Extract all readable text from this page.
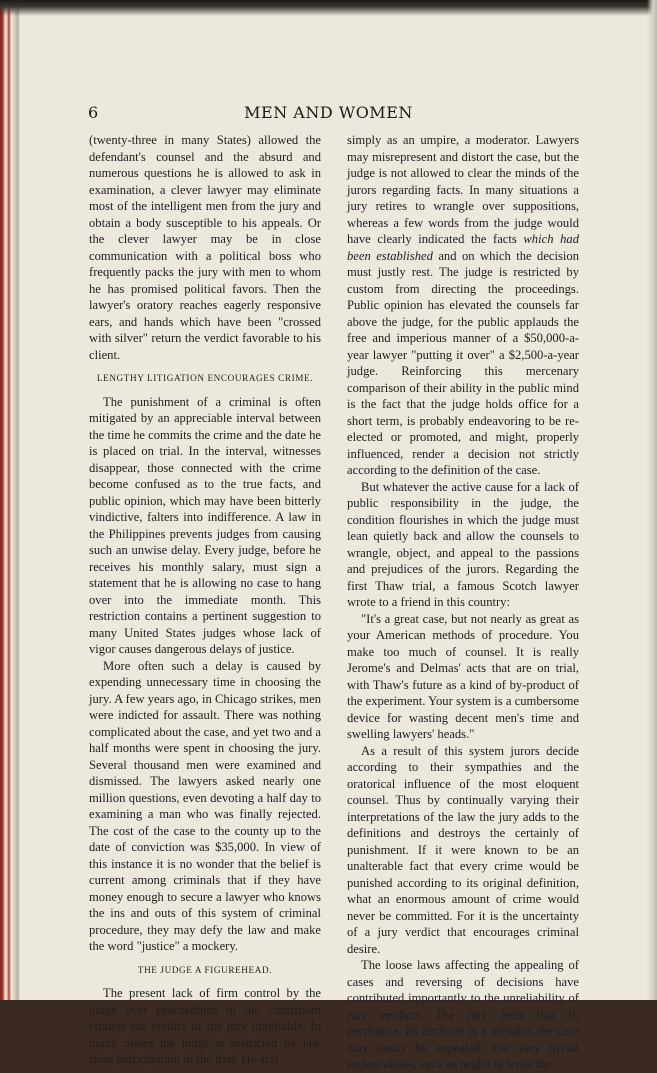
6	MEN AND WOMEN

(twenty-three in many States) allowed the defendant's counsel and the absurd and numerous questions he is allowed to ask in examination, a clever lawyer may eliminate most of the intelligent men from the jury and obtain a body susceptible to his appeals. Or the clever lawyer may be in close communication with a political boss who frequently packs the jury with men to whom he has promised political favors. Then the lawyer's oratory reaches eagerly responsive ears, and hands which have been "crossed with silver" return the verdict favorable to his client.

LENGTHY LITIGATION ENCOURAGES CRIME.

The punishment of a criminal is often mitigated by an appreciable interval between the time he commits the crime and the date he is placed on trial. In the interval, witnesses disappear, those connected with the crime become confused as to the true facts, and public opinion, which may have been bitterly vindictive, falters into indifference. A law in the Philippines prevents judges from causing such an unwise delay. Every judge, before he receives his monthly salary, must sign a statement that he is allowing no case to hang over into the immediate month. This restriction contains a pertinent suggestion to many United States judges whose lack of vigor causes dangerous delays of justice.

More often such a delay is caused by expending unnecessary time in choosing the jury. A few years ago, in Chicago strikes, men were indicted for assault. There was nothing complicated about the case, and yet two and a half months were spent in choosing the jury. Several thousand men were examined and dismissed. The lawyers asked nearly one million questions, even devoting a half day to examining a man who was finally rejected. The cost of the case to the county up to the date of conviction was $35,000. In view of this instance it is no wonder that the belief is current among criminals that if they have money enough to secure a lawyer who knows the ins and outs of this system of criminal procedure, they may defy the law and make the word "justice" a mockery.

THE JUDGE A FIGUREHEAD.

The present lack of firm control by the judge over proceedings in the courtroom renders the verdict of the jury unreliable. In many States the judge is restricted by law from participation in the trial. He acts

simply as an umpire, a moderator. Lawyers may misrepresent and distort the case, but the judge is not allowed to clear the minds of the jurors regarding facts. In many situations a jury retires to wrangle over suppositions, whereas a few words from the judge would have clearly indicated the facts which had been established and on which the decision must justly rest. The judge is restricted by custom from directing the proceedings. Public opinion has elevated the counsels far above the judge, for the public applauds the free and imperious manner of a $50,000-a-year lawyer "putting it over" a $2,500-a-year judge. Reinforcing this mercenary comparison of their ability in the public mind is the fact that the judge holds office for a short term, is probably endeavoring to be re-elected or promoted, and might, properly influenced, render a decision not strictly according to the definition of the case.

But whatever the active cause for a lack of public responsibility in the judge, the condition flourishes in which the judge must lean quietly back and allow the counsels to wrangle, object, and appeal to the passions and prejudices of the jurors. Regarding the first Thaw trial, a famous Scotch lawyer wrote to a friend in this country:

"It's a great case, but not nearly as great as your American methods of procedure. You make too much of counsel. It is really Jerome's and Delmas' acts that are on trial, with Thaw's future as a kind of by-product of the experiment. Your system is a cumbersome device for wasting decent men's time and swelling lawyers' heads."

As a result of this system jurors decide according to their sympathies and the oratorical influence of the most eloquent counsel. Thus by continually varying their interpretations of the law the jury adds to the definitions and destroys the certainly of punishment. If it were known to be an unalterable fact that every crime would be punished according to its original definition, what an enormous amount of crime would never be committed. For it is the uncertainty of a jury verdict that encourages criminal desire.

The loose laws affecting the appealing of cases and reversing of decisions have contributed importantly to the unreliability of jury verdicts. The jury feels that if, perchance, its decision is a mistake, the case may easily be appealed. For very trivial technicalities, such as neglct to write the
